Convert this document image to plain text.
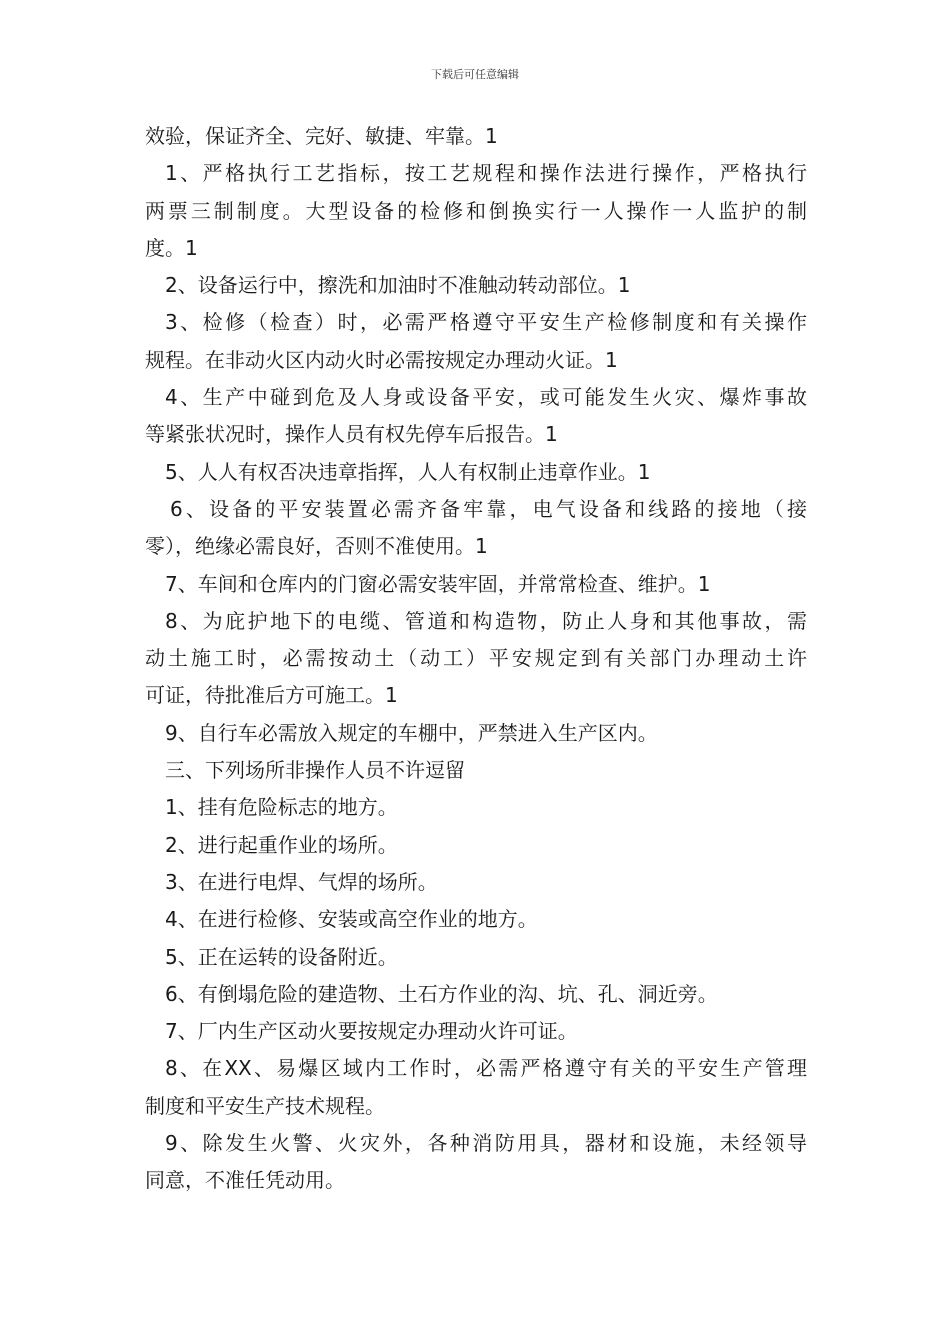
下载后可任意编辑
效验，保证齐全、完好、敏捷、牢靠。1
1、严格执行工艺指标，按工艺规程和操作法进行操作，严格执行
两票三制制度。大型设备的检修和倒换实行一人操作一人监护的制
度。1
2、设备运行中，擦洗和加油时不准触动转动部位。1
3、检修（检查）时，必需严格遵守平安生产检修制度和有关操作
规程。在非动火区内动火时必需按规定办理动火证。1
4、生产中碰到危及人身或设备平安，或可能发生火灾、爆炸事故
等紧张状况时，操作人员有权先停车后报告。1
5、人人有权否决违章指挥，人人有权制止违章作业。1
6、设备的平安装置必需齐备牢靠，电气设备和线路的接地（接
零），绝缘必需良好，否则不准使用。1
7、车间和仓库内的门窗必需安装牢固，并常常检查、维护。1
8、为庇护地下的电缆、管道和构造物，防止人身和其他事故，需
动土施工时，必需按动土（动工）平安规定到有关部门办理动土许
可证，待批准后方可施工。1
9、自行车必需放入规定的车棚中，严禁进入生产区内。
三、下列场所非操作人员不许逗留
1、挂有危险标志的地方。
2、进行起重作业的场所。
3、在进行电焊、气焊的场所。
4、在进行检修、安装或高空作业的地方。
5、正在运转的设备附近。
6、有倒塌危险的建造物、土石方作业的沟、坑、孔、洞近旁。
7、厂内生产区动火要按规定办理动火许可证。
8、在XX、易爆区域内工作时，必需严格遵守有关的平安生产管理
制度和平安生产技术规程。
9、除发生火警、火灾外，各种消防用具，器材和设施，未经领导
同意，不准任凭动用。
